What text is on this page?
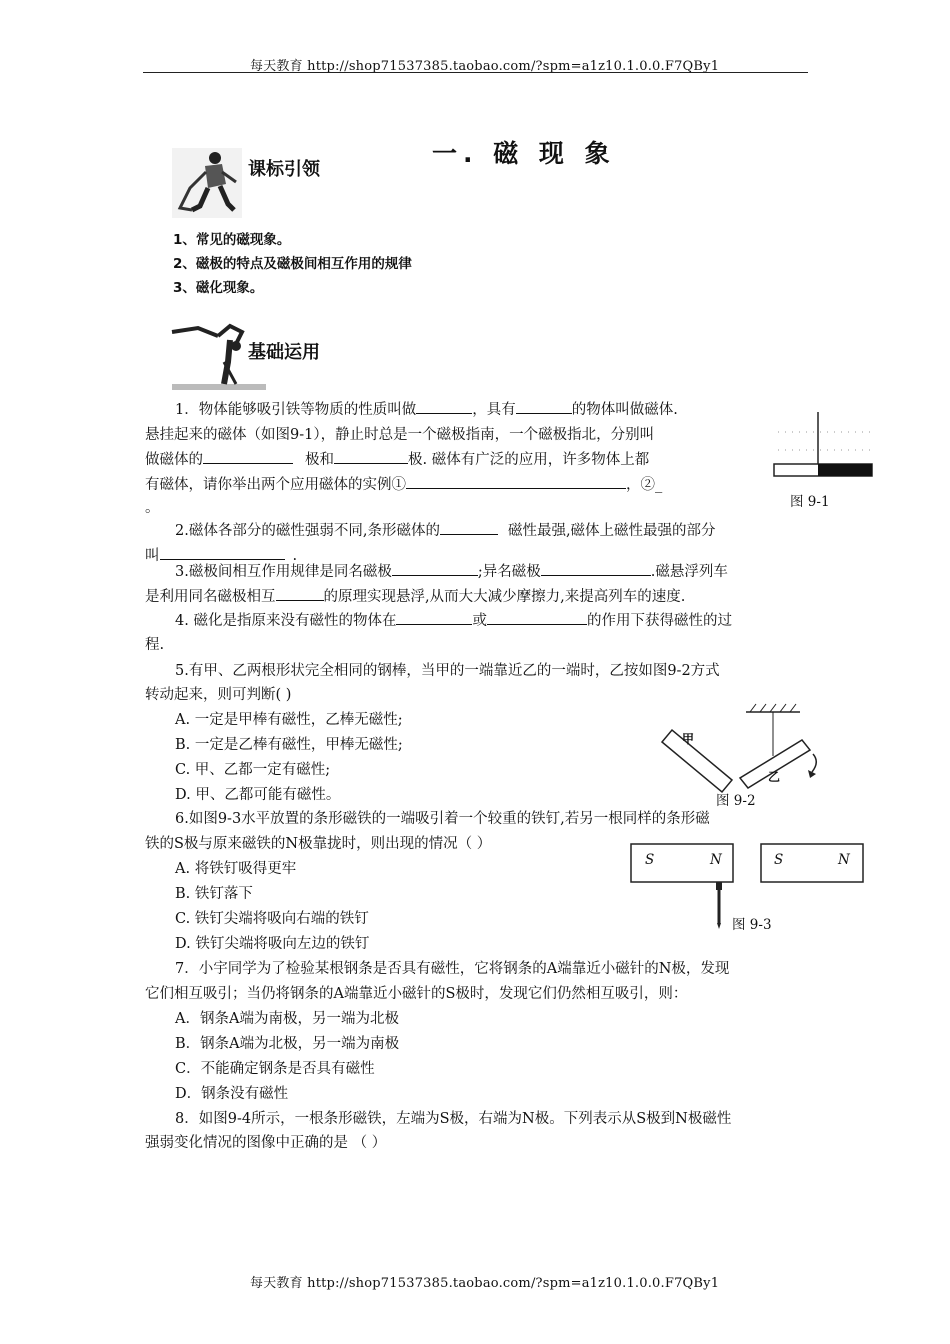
每天教育 http://shop71537385.taobao.com/?spm=a1z10.1.0.0.F7QBy1
一. 磁 现 象
课标引领
1、常见的磁现象。
2、磁极的特点及磁极间相互作用的规律
3、磁化现象。
基础运用
1．物体能够吸引铁等物质的性质叫做	，具有	的物体叫做磁体.
悬挂起来的磁体（如图9-1），静止时总是一个磁极指南，一个磁极指北，分别叫
做磁体的	极和	极. 磁体有广泛的应用，许多物体上都
有磁体，请你举出两个应用磁体的实例①	，②_
。	图 9-1
2.磁体各部分的磁性强弱不同,条形磁体的	磁性最强,磁体上磁性最强的部分
叫	.
3.磁极间相互作用规律是同名磁极	;异名磁极	.磁悬浮列车
是利用同名磁极相互	的原理实现悬浮,从而大大减少摩擦力,来提高列车的速度.
4. 磁化是指原来没有磁性的物体在	或	的作用下获得磁性的过
程.
5.有甲、乙两根形状完全相同的钢棒，当甲的一端靠近乙的一端时，乙按如图9-2方式
转动起来，则可判断( )
A. 一定是甲棒有磁性，乙棒无磁性;
B. 一定是乙棒有磁性，甲棒无磁性;
C. 甲、乙都一定有磁性;
D. 甲、乙都可能有磁性。
甲
乙
图 9-2
6.如图9-3水平放置的条形磁铁的一端吸引着一个较重的铁钉,若另一根同样的条形磁
铁的S极与原来磁铁的N极靠拢时，则出现的情况（ ）
A. 将铁钉吸得更牢
B. 铁钉落下
C. 铁钉尖端将吸向右端的铁钉
D. 铁钉尖端将吸向左边的铁钉
S	N	S	N
图 9-3
7．小宇同学为了检验某根钢条是否具有磁性，它将钢条的A端靠近小磁针的N极，发现
它们相互吸引；当仍将钢条的A端靠近小磁针的S极时，发现它们仍然相互吸引，则：
A．钢条A端为南极，另一端为北极
B．钢条A端为北极，另一端为南极
C．不能确定钢条是否具有磁性
D．钢条没有磁性
8．如图9-4所示，一根条形磁铁，左端为S极，右端为N极。下列表示从S极到N极磁性
强弱变化情况的图像中正确的是 （ ）
每天教育 http://shop71537385.taobao.com/?spm=a1z10.1.0.0.F7QBy1
